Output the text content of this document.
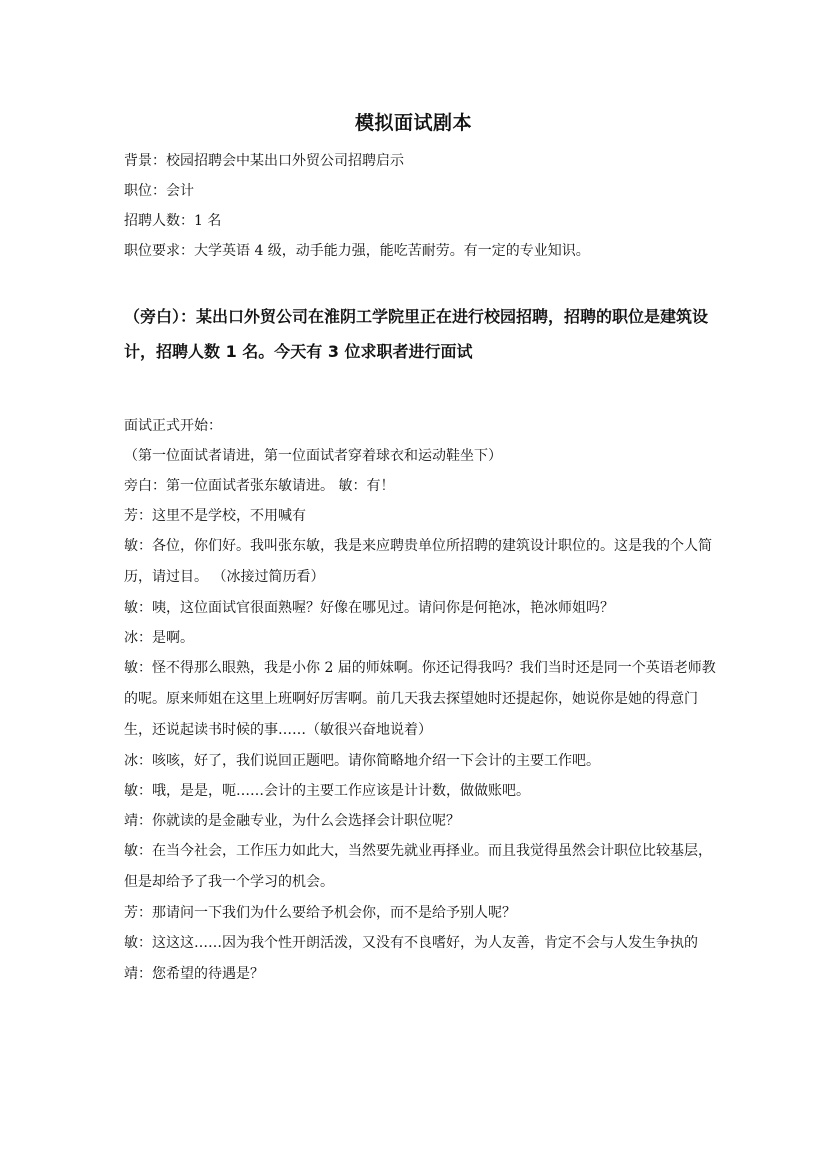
模拟面试剧本
背景：校园招聘会中某出口外贸公司招聘启示
职位：会计
招聘人数：1 名
职位要求：大学英语 4 级，动手能力强，能吃苦耐劳。有一定的专业知识。
（旁白）：某出口外贸公司在淮阴工学院里正在进行校园招聘，招聘的职位是建筑设计，招聘人数 1 名。今天有 3 位求职者进行面试
面试正式开始：
（第一位面试者请进，第一位面试者穿着球衣和运动鞋坐下）
旁白：第一位面试者张东敏请进。 敏：有！
芳：这里不是学校，不用喊有
敏：各位，你们好。我叫张东敏，我是来应聘贵单位所招聘的建筑设计职位的。这是我的个人简历，请过目。 （冰接过简历看）
敏：咦，这位面试官很面熟喔？好像在哪见过。请问你是何艳冰，艳冰师姐吗？
冰：是啊。
敏：怪不得那么眼熟，我是小你 2 届的师妹啊。你还记得我吗？我们当时还是同一个英语老师教的呢。原来师姐在这里上班啊好厉害啊。前几天我去探望她时还提起你，她说你是她的得意门生，还说起读书时候的事……（敏很兴奋地说着）
冰：咳咳，好了，我们说回正题吧。请你简略地介绍一下会计的主要工作吧。
敏：哦，是是，呃……会计的主要工作应该是计计数，做做账吧。
靖：你就读的是金融专业，为什么会选择会计职位呢？
敏：在当今社会，工作压力如此大，当然要先就业再择业。而且我觉得虽然会计职位比较基层，但是却给予了我一个学习的机会。
芳：那请问一下我们为什么要给予机会你，而不是给予别人呢？
敏：这这这……因为我个性开朗活泼，又没有不良嗜好，为人友善，肯定不会与人发生争执的
靖：您希望的待遇是？
